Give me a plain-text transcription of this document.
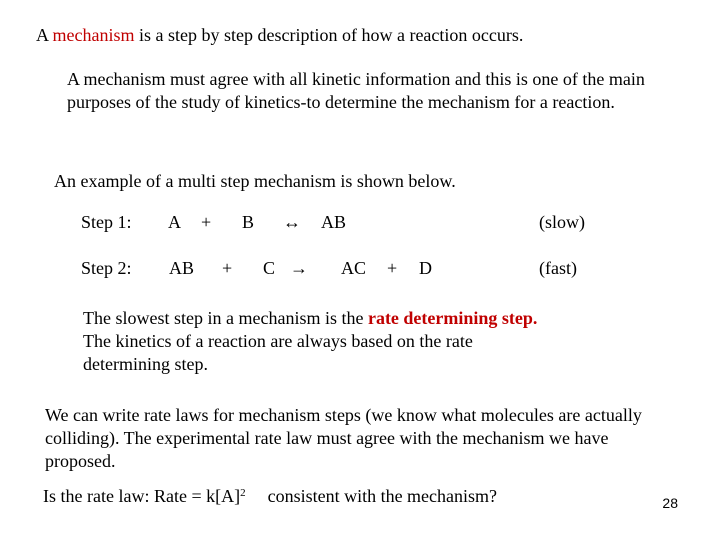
A mechanism is a step by step description of how a reaction occurs.
A mechanism must agree with all kinetic information and this is one of the main purposes of the study of kinetics-to determine the mechanism for a reaction.
An example of a multi step mechanism is shown below.
Step 1: A + B ↔ AB	(slow)
Step 2: AB + C → AC + D	(fast)
The slowest step in a mechanism is the rate determining step.
The kinetics of a reaction are always based on the rate
determining step.
We can write rate laws for mechanism steps (we know what molecules are actually colliding). The experimental rate law must agree with the mechanism we have proposed.
Is the rate law: Rate = $k[A]^2$ consistent with the mechanism?	28
